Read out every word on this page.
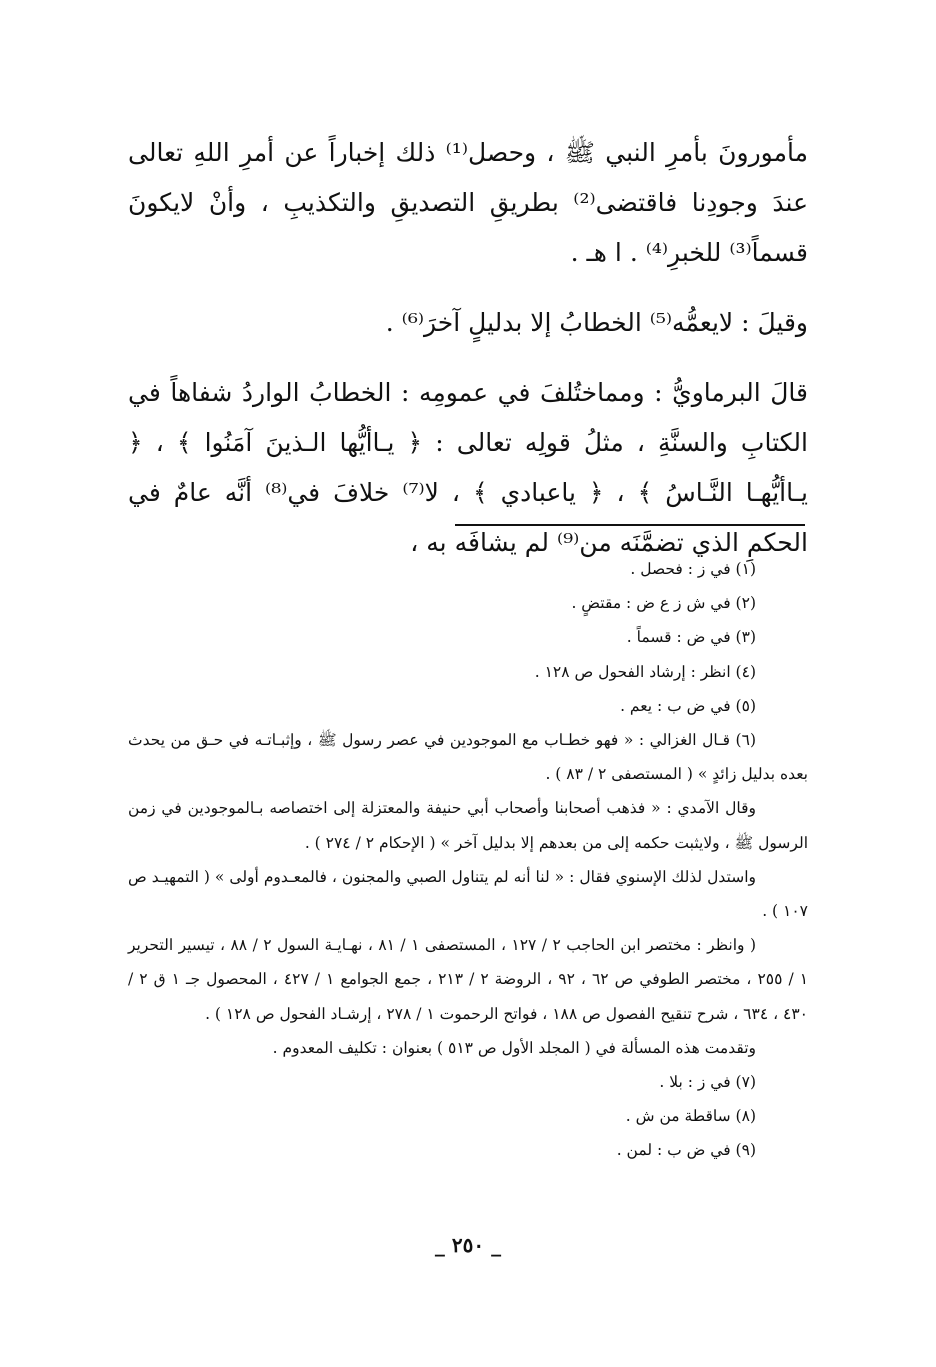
مأمورونَ بأمرِ النبي ﷺ ، وحصل⁽¹⁾ ذلك إخباراً عن أمرِ اللهِ تعالى عندَ وجودِنا فاقتضى⁽²⁾ بطريقِ التصديقِ والتكذيبِ ، وأنْ لايكونَ قسماً⁽³⁾ للخبرِ⁽⁴⁾ . ا هـ .

وقيلَ : لايعمُّه⁽⁵⁾ الخطابُ إلا بدليلٍ آخرَ⁽⁶⁾ .

قالَ البرماويُّ : ومماختُلفَ في عمومِه : الخطابُ الواردُ شفاهاً في الكتابِ والسنَّةِ ، مثلُ قولِه تعالى : ﴿ يـاأيُّها الـذينَ آمَنُوا ﴾ ، ﴿ يـاأيُّهـا النَّـاسُ ﴾ ، ﴿ ياعبادي ﴾ ، لا⁽⁷⁾ خلافَ في⁽⁸⁾ أنَّه عامٌ في الحكمِ الذي تضمَّنَه من⁽⁹⁾ لم يشافَه به ،

(١) في ز : فحصل .

(٢) في ش ز ع ض : مقتضٍ .

(٣) في ض : قسماً .

(٤) انظر : إرشاد الفحول ص ١٢٨ .

(٥) في ض ب : يعم .

(٦) قـال الغزالي : « فهو خطـاب مع الموجودين في عصر رسول ﷺ ، وإثبـاتـه في حـق من يحدث بعده بدليل زائدٍ » ( المستصفى ٢ / ٨٣ ) .

وقال الآمدي : « فذهب أصحابنا وأصحاب أبي حنيفة والمعتزلة إلى اختصاصه بـالموجودين في زمن الرسول ﷺ ، ولايثبت حكمه إلى من بعدهم إلا بدليل آخر » ( الإحكام ٢ / ٢٧٤ ) .

واستدل لذلك الإسنوي فقال : « لنا أنه لم يتناول الصبي والمجنون ، فالمعـدوم أولى » ( التمهيـد ص ١٠٧ ) .

( وانظر : مختصر ابن الحاجب ٢ / ١٢٧ ، المستصفى ١ / ٨١ ، نهـايـة السول ٢ / ٨٨ ، تيسير التحرير ١ / ٢٥٥ ، مختصر الطوفي ص ٦٢ ، ٩٢ ، الروضة ٢ / ٢١٣ ، جمع الجوامع ١ / ٤٢٧ ، المحصول جـ ١ ق ٢ / ٤٣٠ ، ٦٣٤ ، شرح تنقيح الفصول ص ١٨٨ ، فواتح الرحموت ١ / ٢٧٨ ، إرشـاد الفحول ص ١٢٨ ) .

وتقدمت هذه المسألة في ( المجلد الأول ص ٥١٣ ) بعنوان : تكليف المعدوم .

(٧) في ز : بلا .

(٨) ساقطة من ش .

(٩) في ض ب : لمن .

_ ٢٥٠ _
